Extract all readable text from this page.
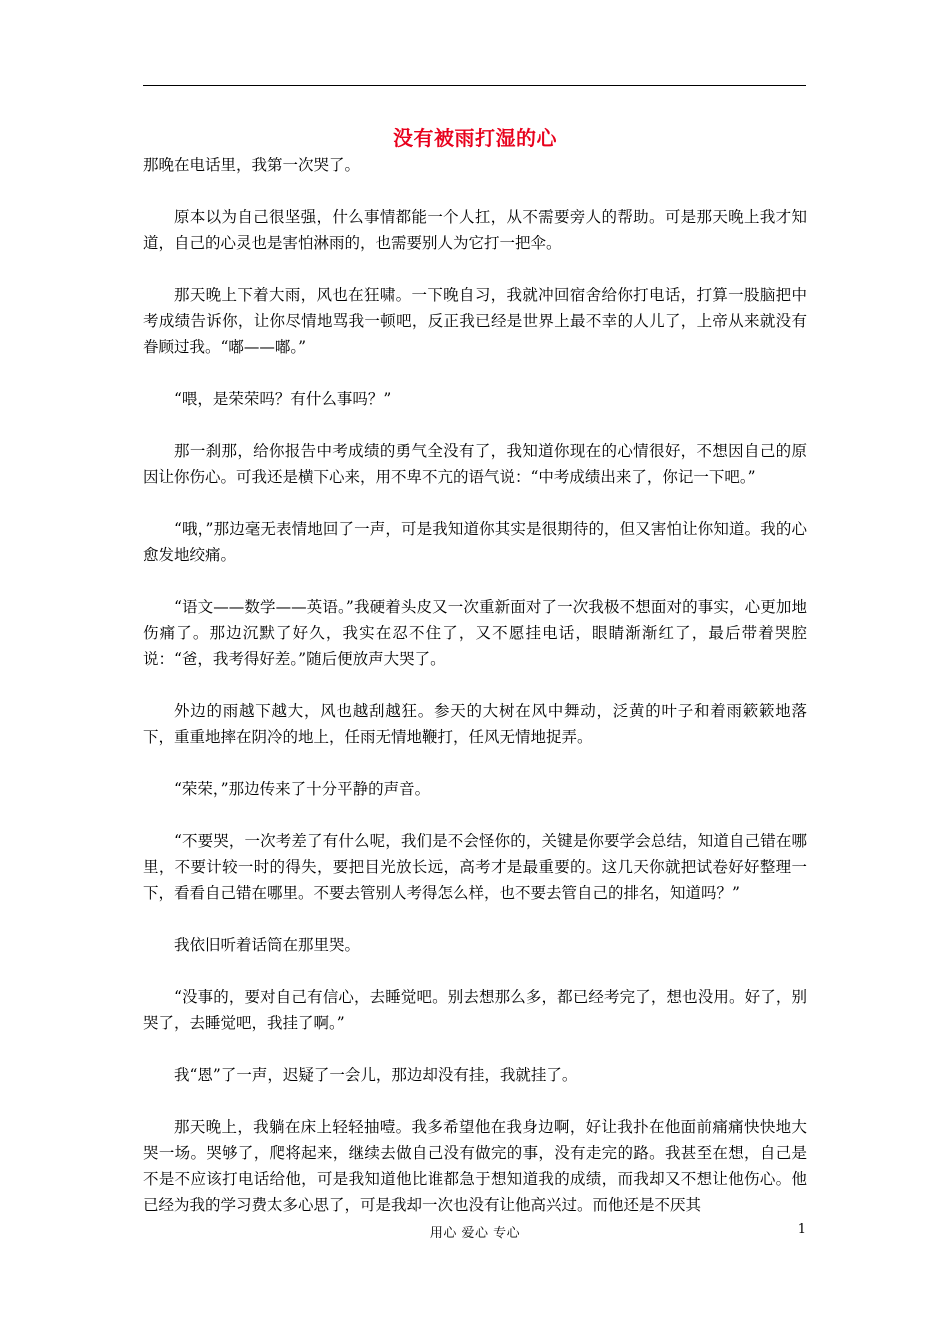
没有被雨打湿的心

那晚在电话里，我第一次哭了。

原本以为自己很坚强，什么事情都能一个人扛，从不需要旁人的帮助。可是那天晚上我才知道，自己的心灵也是害怕淋雨的，也需要别人为它打一把伞。

那天晚上下着大雨，风也在狂啸。一下晚自习，我就冲回宿舍给你打电话，打算一股脑把中考成绩告诉你，让你尽情地骂我一顿吧，反正我已经是世界上最不幸的人儿了，上帝从来就没有眷顾过我。“嘟——嘟。”

“喂，是荣荣吗？有什么事吗？”

那一刹那，给你报告中考成绩的勇气全没有了，我知道你现在的心情很好，不想因自己的原因让你伤心。可我还是横下心来，用不卑不亢的语气说：“中考成绩出来了，你记一下吧。”

“哦，”那边毫无表情地回了一声，可是我知道你其实是很期待的，但又害怕让你知道。我的心愈发地绞痛。

“语文——数学——英语。”我硬着头皮又一次重新面对了一次我极不想面对的事实，心更加地伤痛了。那边沉默了好久，我实在忍不住了，又不愿挂电话，眼睛渐渐红了，最后带着哭腔说：“爸，我考得好差。”随后便放声大哭了。

外边的雨越下越大，风也越刮越狂。参天的大树在风中舞动，泛黄的叶子和着雨簌簌地落下，重重地摔在阴冷的地上，任雨无情地鞭打，任风无情地捉弄。

“荣荣，”那边传来了十分平静的声音。

“不要哭，一次考差了有什么呢，我们是不会怪你的，关键是你要学会总结，知道自己错在哪里，不要计较一时的得失，要把目光放长远，高考才是最重要的。这几天你就把试卷好好整理一下，看看自己错在哪里。不要去管别人考得怎么样，也不要去管自己的排名，知道吗？”

我依旧听着话筒在那里哭。

“没事的，要对自己有信心，去睡觉吧。别去想那么多，都已经考完了，想也没用。好了，别哭了，去睡觉吧，我挂了啊。”

我“恩”了一声，迟疑了一会儿，那边却没有挂，我就挂了。

那天晚上，我躺在床上轻轻抽噎。我多希望他在我身边啊，好让我扑在他面前痛痛快快地大哭一场。哭够了，爬将起来，继续去做自己没有做完的事，没有走完的路。我甚至在想，自己是不是不应该打电话给他，可是我知道他比谁都急于想知道我的成绩，而我却又不想让他伤心。他已经为我的学习费太多心思了，可是我却一次也没有让他高兴过。而他还是不厌其

用心 爱心 专心	1
